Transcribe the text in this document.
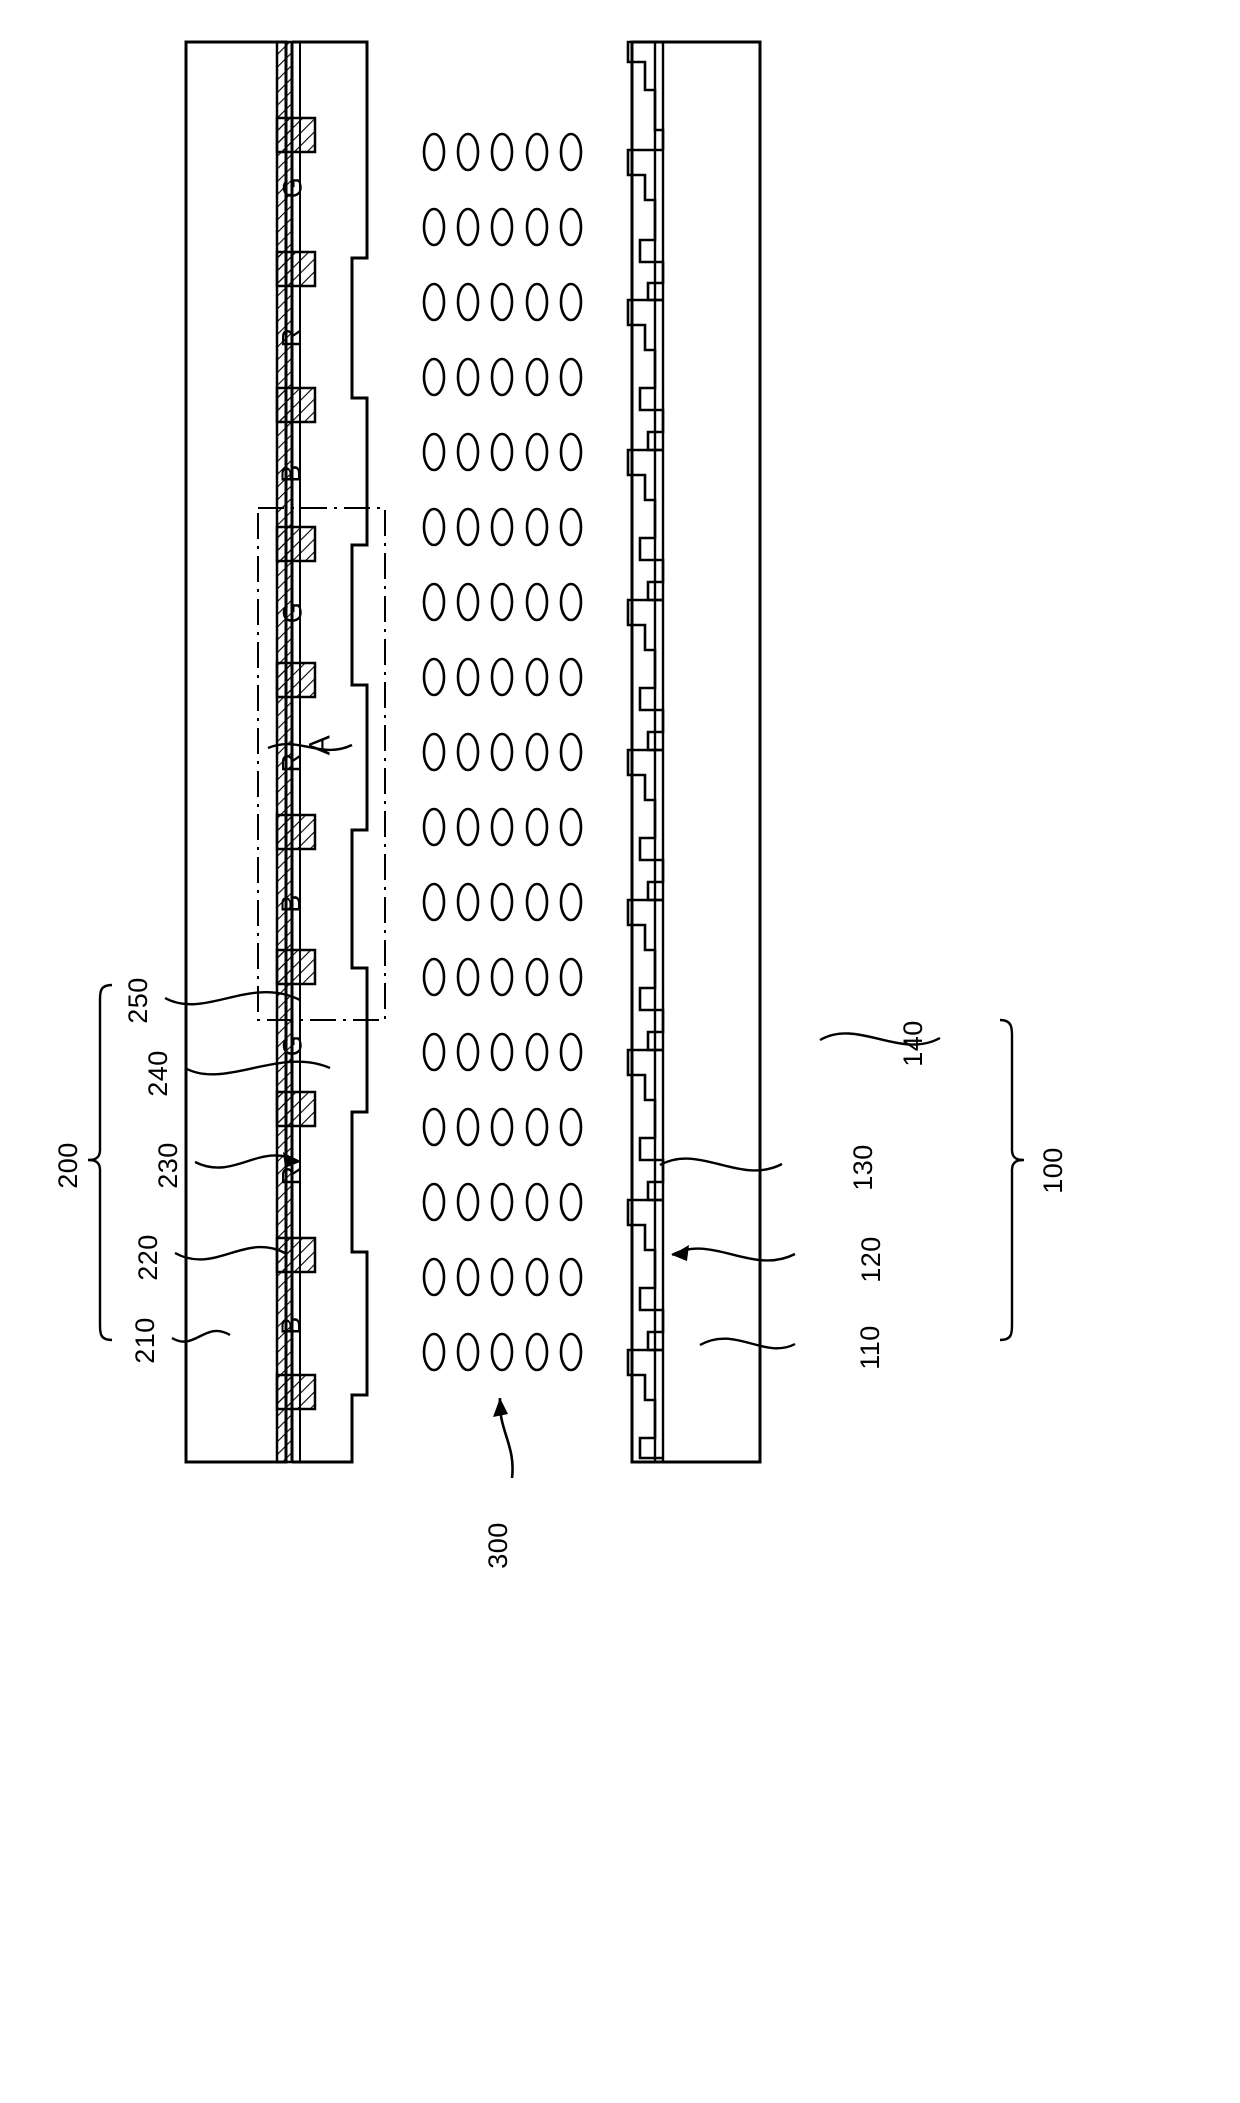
G
R
B
G
R
B
G
R
B
A
250
240
230
220
210
200
140
130
120
110
100
300
